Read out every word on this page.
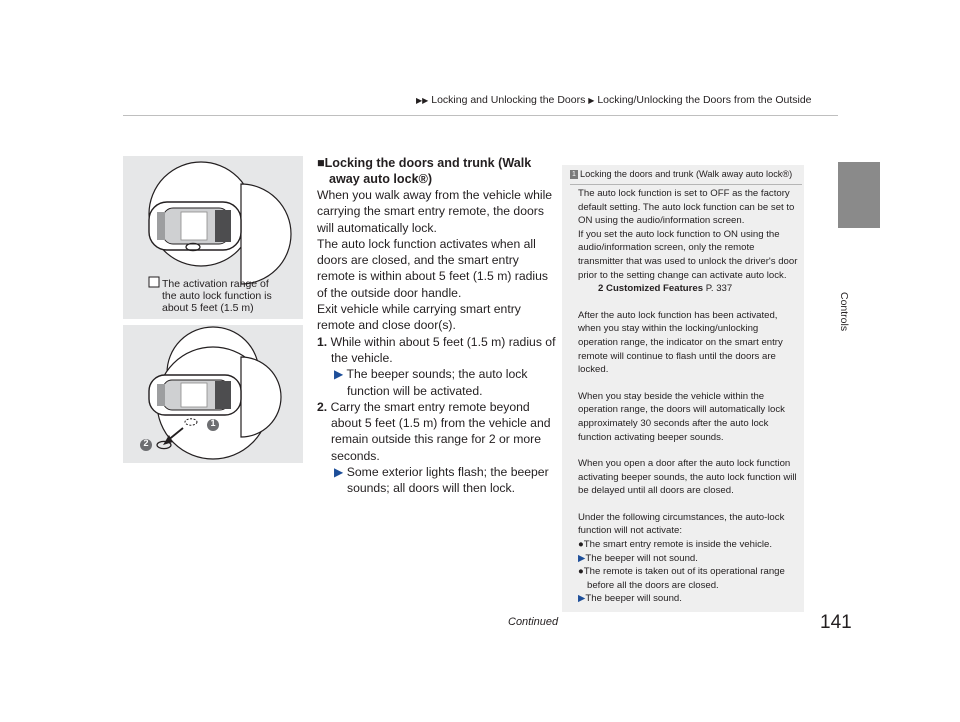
▶▶ Locking and Unlocking the Doors ▶ Locking/Unlocking the Doors from the Outside
Controls
The activation range of
the auto lock function is
about 5 feet (1.5 m)
1
2

■Locking the doors and trunk (Walk
away auto lock®)

When you walk away from the vehicle while carrying the smart entry remote, the doors will automatically lock.

The auto lock function activates when all doors are closed, and the smart entry remote is within about 5 feet (1.5 m) radius of the outside door handle.

Exit vehicle while carrying smart entry remote and close door(s).

1. While within about 5 feet (1.5 m) radius of the vehicle.

▶ The beeper sounds; the auto lock function will be activated.

2. Carry the smart entry remote beyond about 5 feet (1.5 m) from the vehicle and remain outside this range for 2 or more seconds.

▶ Some exterior lights flash; the beeper sounds; all doors will then lock.

1 Locking the doors and trunk (Walk away auto lock®)

The auto lock function is set to OFF as the factory default setting. The auto lock function can be set to ON using the audio/information screen.

If you set the auto lock function to ON using the audio/information screen, only the remote transmitter that was used to unlock the driver's door prior to the setting change can activate auto lock.

2 Customized Features P. 337

After the auto lock function has been activated, when you stay within the locking/unlocking operation range, the indicator on the smart entry remote will continue to flash until the doors are locked.

When you stay beside the vehicle within the operation range, the doors will automatically lock approximately 30 seconds after the auto lock function activating beeper sounds.

When you open a door after the auto lock function activating beeper sounds, the auto lock function will be delayed until all doors are closed.

Under the following circumstances, the auto-lock function will not activate:

●The smart entry remote is inside the vehicle.

▶The beeper will not sound.

●The remote is taken out of its operational range before all the doors are closed.

▶The beeper will sound.

Continued	141
